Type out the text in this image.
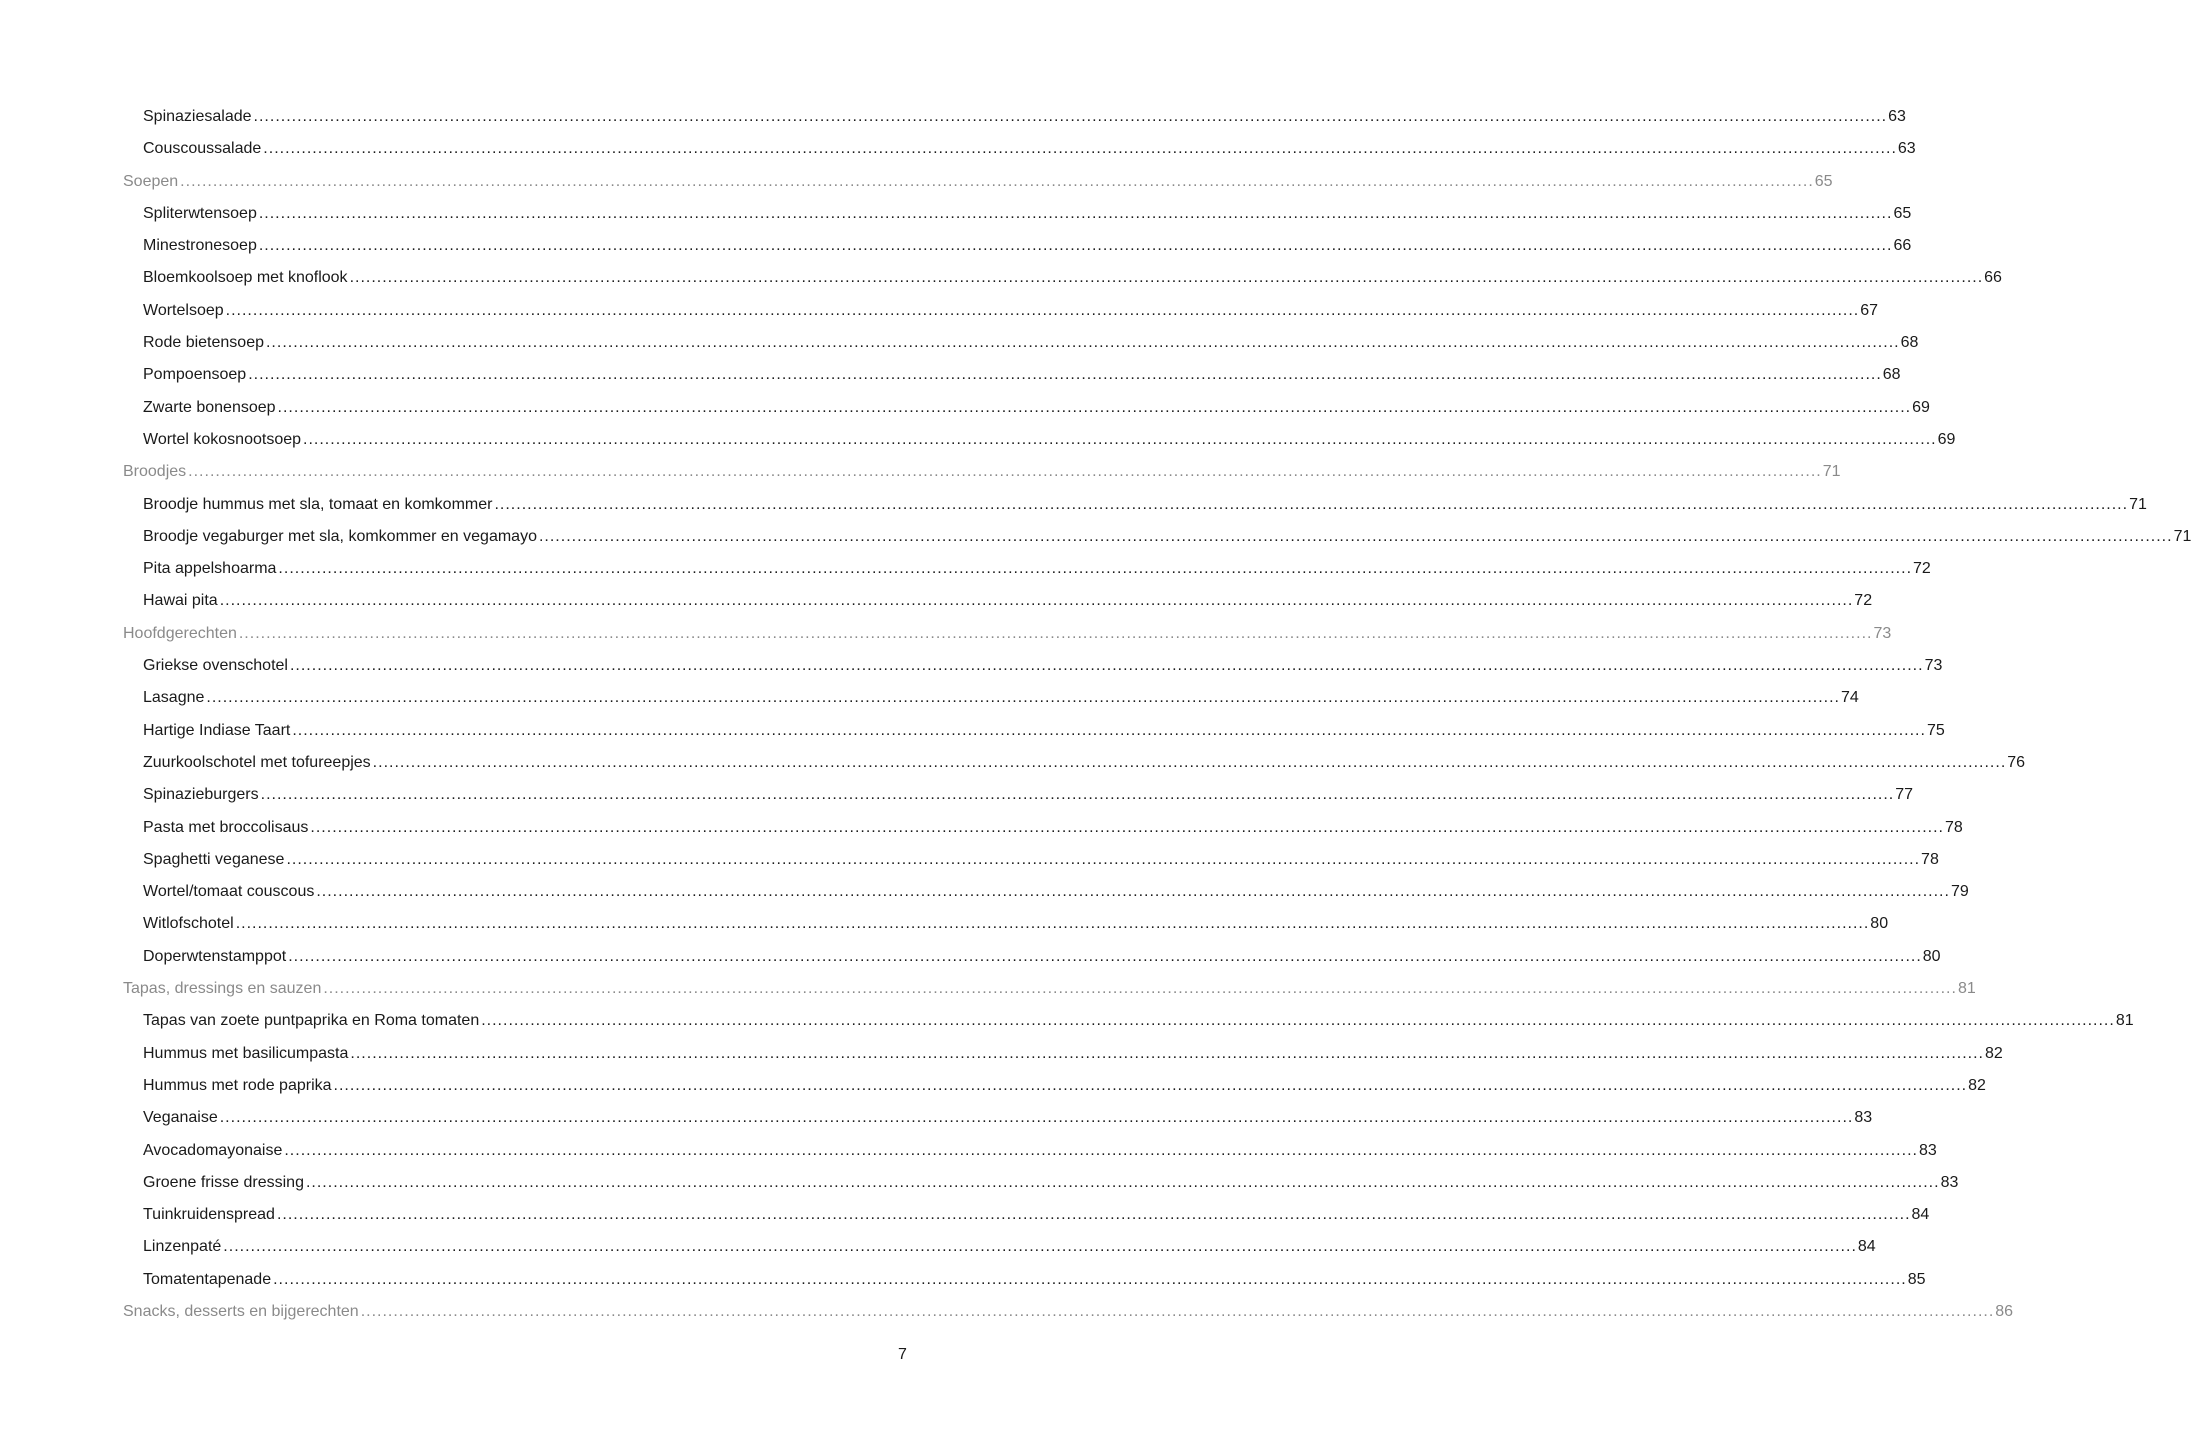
Spinaziesalade ............................................................................................................................................................................................................................................................................................................ 63
Couscoussalade ............................................................................................................................................................................................................................................................................................................ 63
Soepen ............................................................................................................................................................................................................................................................................................................ 65
Spliterwtensoep ............................................................................................................................................................................................................................................................................................................ 65
Minestronesoep ............................................................................................................................................................................................................................................................................................................ 66
Bloemkoolsoep met knoflook ............................................................................................................................................................................................................................................................................................................ 66
Wortelsoep ............................................................................................................................................................................................................................................................................................................ 67
Rode bietensoep ............................................................................................................................................................................................................................................................................................................ 68
Pompoensoep ............................................................................................................................................................................................................................................................................................................ 68
Zwarte bonensoep ............................................................................................................................................................................................................................................................................................................ 69
Wortel kokosnootsoep ............................................................................................................................................................................................................................................................................................................ 69
Broodjes ............................................................................................................................................................................................................................................................................................................ 71
Broodje hummus met sla, tomaat en komkommer ............................................................................................................................................................................................................................................................................................................ 71
Broodje vegaburger met sla, komkommer en vegamayo ............................................................................................................................................................................................................................................................................................................ 71
Pita appelshoarma ............................................................................................................................................................................................................................................................................................................ 72
Hawai pita ............................................................................................................................................................................................................................................................................................................ 72
Hoofdgerechten ............................................................................................................................................................................................................................................................................................................ 73
Griekse ovenschotel ............................................................................................................................................................................................................................................................................................................ 73
Lasagne ............................................................................................................................................................................................................................................................................................................ 74
Hartige Indiase Taart ............................................................................................................................................................................................................................................................................................................ 75
Zuurkoolschotel met tofureepjes ............................................................................................................................................................................................................................................................................................................ 76
Spinazieburgers ............................................................................................................................................................................................................................................................................................................ 77
Pasta met broccolisaus ............................................................................................................................................................................................................................................................................................................ 78
Spaghetti veganese ............................................................................................................................................................................................................................................................................................................ 78
Wortel/tomaat couscous ............................................................................................................................................................................................................................................................................................................ 79
Witlofschotel ............................................................................................................................................................................................................................................................................................................ 80
Doperwtenstamppot ............................................................................................................................................................................................................................................................................................................ 80
Tapas, dressings en sauzen ............................................................................................................................................................................................................................................................................................................ 81
Tapas van zoete puntpaprika en Roma tomaten ............................................................................................................................................................................................................................................................................................................ 81
Hummus met basilicumpasta ............................................................................................................................................................................................................................................................................................................ 82
Hummus met rode paprika ............................................................................................................................................................................................................................................................................................................ 82
Veganaise ............................................................................................................................................................................................................................................................................................................ 83
Avocadomayonaise ............................................................................................................................................................................................................................................................................................................ 83
Groene frisse dressing ............................................................................................................................................................................................................................................................................................................ 83
Tuinkruidenspread ............................................................................................................................................................................................................................................................................................................ 84
Linzenpaté ............................................................................................................................................................................................................................................................................................................ 84
Tomatentapenade ............................................................................................................................................................................................................................................................................................................ 85
Snacks, desserts en bijgerechten ............................................................................................................................................................................................................................................................................................................ 86
7
